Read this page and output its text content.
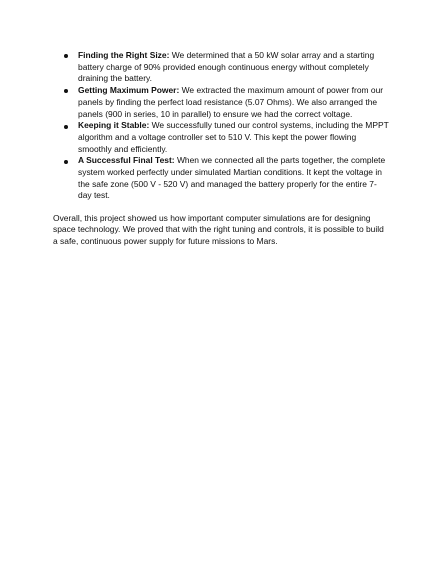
Finding the Right Size: We determined that a 50 kW solar array and a starting battery charge of 90% provided enough continuous energy without completely draining the battery.
Getting Maximum Power: We extracted the maximum amount of power from our panels by finding the perfect load resistance (5.07 Ohms). We also arranged the panels (900 in series, 10 in parallel) to ensure we had the correct voltage.
Keeping it Stable: We successfully tuned our control systems, including the MPPT algorithm and a voltage controller set to 510 V. This kept the power flowing smoothly and efficiently.
A Successful Final Test: When we connected all the parts together, the complete system worked perfectly under simulated Martian conditions. It kept the voltage in the safe zone (500 V - 520 V) and managed the battery properly for the entire 7-day test.

Overall, this project showed us how important computer simulations are for designing space technology. We proved that with the right tuning and controls, it is possible to build a safe, continuous power supply for future missions to Mars.
